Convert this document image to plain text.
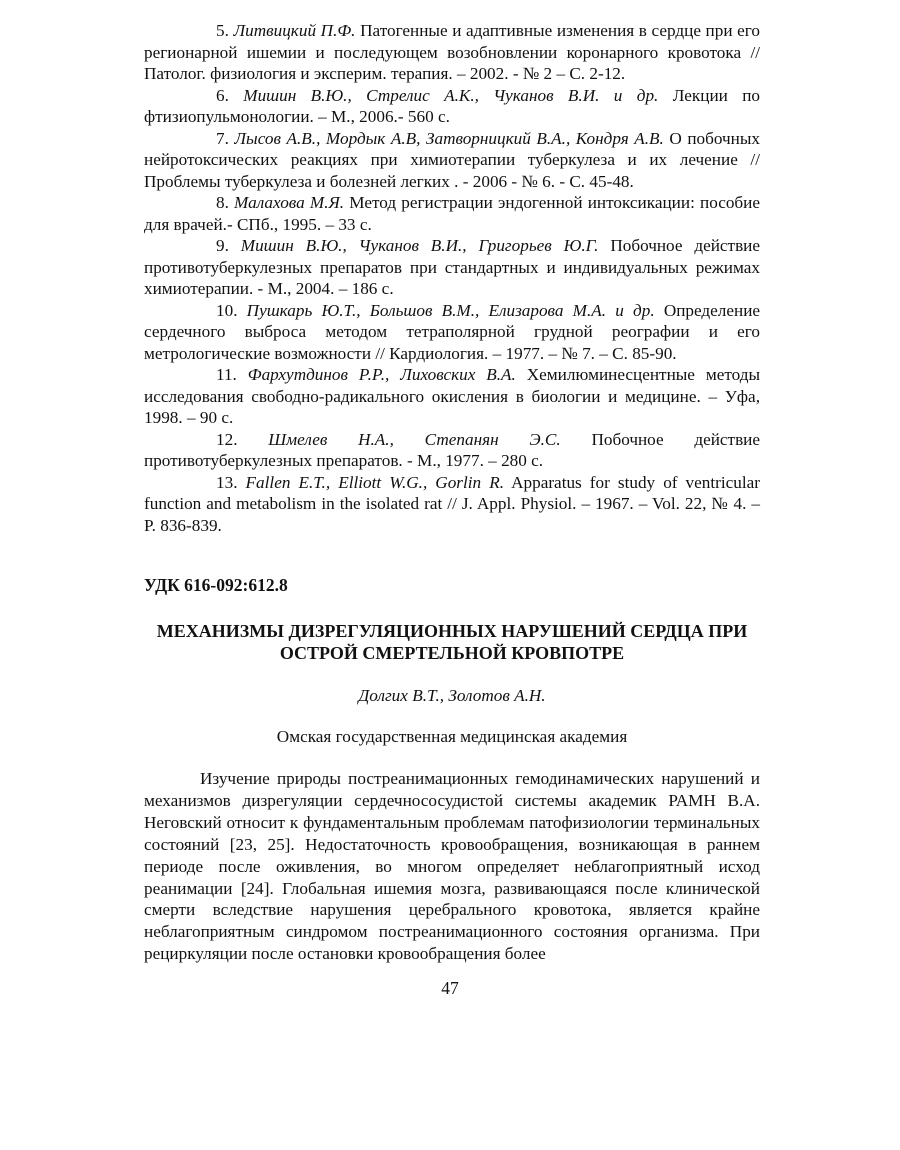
5. Литвицкий П.Ф. Патогенные и адаптивные изменения в сердце при его регионарной ишемии и последующем возобновлении коронарного кровотока // Патолог. физиология и эксперим. терапия. – 2002. - № 2 – С. 2-12.

6. Мишин В.Ю., Стрелис А.К., Чуканов В.И. и др. Лекции по фтизиопульмонологии. – М., 2006.- 560 с.

7. Лысов А.В., Мордык А.В, Затворницкий В.А., Кондря А.В. О побочных нейротоксических реакциях при химиотерапии туберкулеза и их лечение // Проблемы туберкулеза и болезней легких . - 2006 - № 6. - С. 45-48.

8. Малахова М.Я. Метод регистрации эндогенной интоксикации: пособие для врачей.- СПб., 1995. – 33 с.

9. Мишин В.Ю., Чуканов В.И., Григорьев Ю.Г. Побочное действие противотуберкулезных препаратов при стандартных и индивидуальных режимах химиотерапии. - М., 2004. – 186 с.

10. Пушкарь Ю.Т., Большов В.М., Елизарова М.А. и др. Определение сердечного выброса методом тетраполярной грудной реографии и его метрологические возможности // Кардиология. – 1977. – № 7. – С. 85-90.

11. Фархутдинов Р.Р., Лиховских В.А. Хемилюминесцентные методы исследования свободно-радикального окисления в биологии и медицине. – Уфа, 1998. – 90 с.

12. Шмелев Н.А., Степанян Э.С. Побочное действие противотуберкулезных препаратов. - М., 1977. – 280 с.

13. Fallen E.T., Elliott W.G., Gorlin R. Apparatus for study of ventricular function and metabolism in the isolated rat // J. Appl. Physiol. – 1967. – Vol. 22, № 4. – P. 836-839.

УДК 616-092:612.8

МЕХАНИЗМЫ ДИЗРЕГУЛЯЦИОННЫХ НАРУШЕНИЙ СЕРДЦА ПРИ
ОСТРОЙ СМЕРТЕЛЬНОЙ КРОВПОТРЕ

Долгих В.Т., Золотов А.Н.

Омская государственная медицинская академия

Изучение природы постреанимационных гемодинамических нарушений и механизмов дизрегуляции сердечнососудистой системы академик РАМН В.А. Неговский относит к фундаментальным проблемам патофизиологии терминальных состояний [23, 25]. Недостаточность кровообращения, возникающая в раннем периоде после оживления, во многом определяет неблагоприятный исход реанимации [24]. Глобальная ишемия мозга, развивающаяся после клинической смерти вследствие нарушения церебрального кровотока, является крайне неблагоприятным синдромом постреанимационного состояния организма. При рециркуляции после остановки кровообращения более

47
